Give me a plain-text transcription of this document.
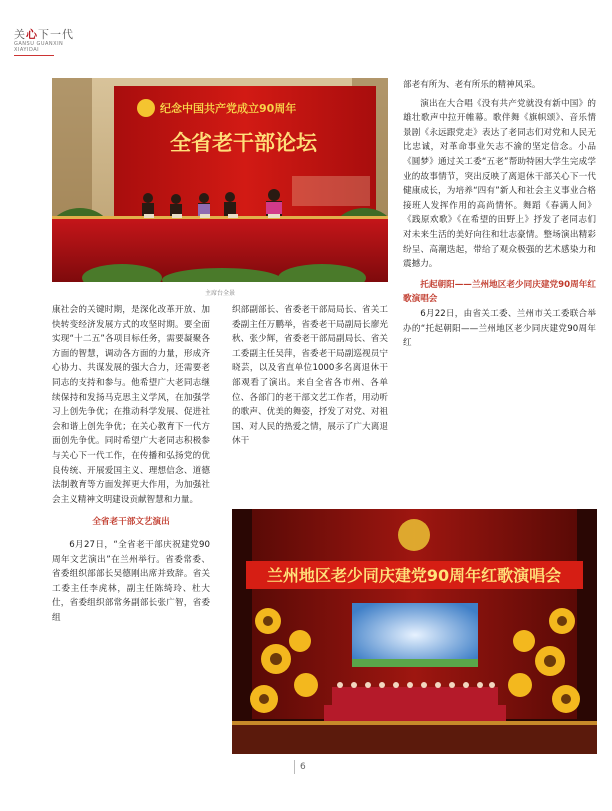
关心下一代
GANSU GUANXIN
XIAYIDAI
纪念中国共产党成立90周年
全省老干部论坛
主席台全景

康社会的关键时期，是深化改革开放、加快转变经济发展方式的攻坚时期。要全面实现“十二五”各项目标任务，需要凝聚各方面的智慧，调动各方面的力量，形成齐心协力、共谋发展的强大合力，还需要老同志的支持和参与。他希望广大老同志继续保持和发扬马克思主义学风，在加强学习上创先争优；在推动科学发展、促进社会和谐上创先争优；在关心教育下一代方面创先争优。同时希望广大老同志积极参与关心下一代工作，在传播和弘扬党的优良传统、开展爱国主义、理想信念、道德法制教育等方面发挥更大作用，为加强社会主义精神文明建设贡献智慧和力量。

全省老干部文艺演出

6月27日，“全省老干部庆祝建党90周年文艺演出”在兰州举行。省委常委、省委组织部部长吴德刚出席并致辞。省关工委主任李虎林，副主任陈绮玲、杜大仕，省委组织部常务副部长张广智，省委组

织部副部长、省委老干部局局长、省关工委副主任万鹏举，省委老干局副局长廖光秋、张少辉，省委老干部局副局长、省关工委副主任吴萍，省委老干局副巡视员宁晓芸，以及省直单位1000多名离退休干部观看了演出。来自全省各市州、各单位、各部门的老干部文艺工作者，用动听的歌声、优美的舞姿，抒发了对党、对祖国、对人民的热爱之情，展示了广大离退休干

部老有所为、老有所乐的精神风采。

演出在大合唱《没有共产党就没有新中国》的雄壮歌声中拉开帷幕。歌伴舞《旗帜颂》、音乐情景剧《永远跟党走》表达了老同志们对党和人民无比忠诚，对革命事业矢志不渝的坚定信念。小品《圆梦》通过关工委“五老”帮助特困大学生完成学业的故事情节，突出反映了离退休干部关心下一代健康成长，为培养“四有”新人和社会主义事业合格接班人发挥作用的高尚情怀。舞蹈《春满人间》《践原欢歌》《在希望的田野上》抒发了老同志们对未来生活的美好向往和壮志豪情。整场演出精彩纷呈、高潮迭起，带给了观众极强的艺术感染力和震撼力。

托起朝阳——兰州地区老少同庆建党90周年红歌演唱会

6月22日，由省关工委、兰州市关工委联合举办的“托起朝阳——兰州地区老少同庆建党90周年红

兰州地区老少同庆建党90周年红歌演唱会
6
